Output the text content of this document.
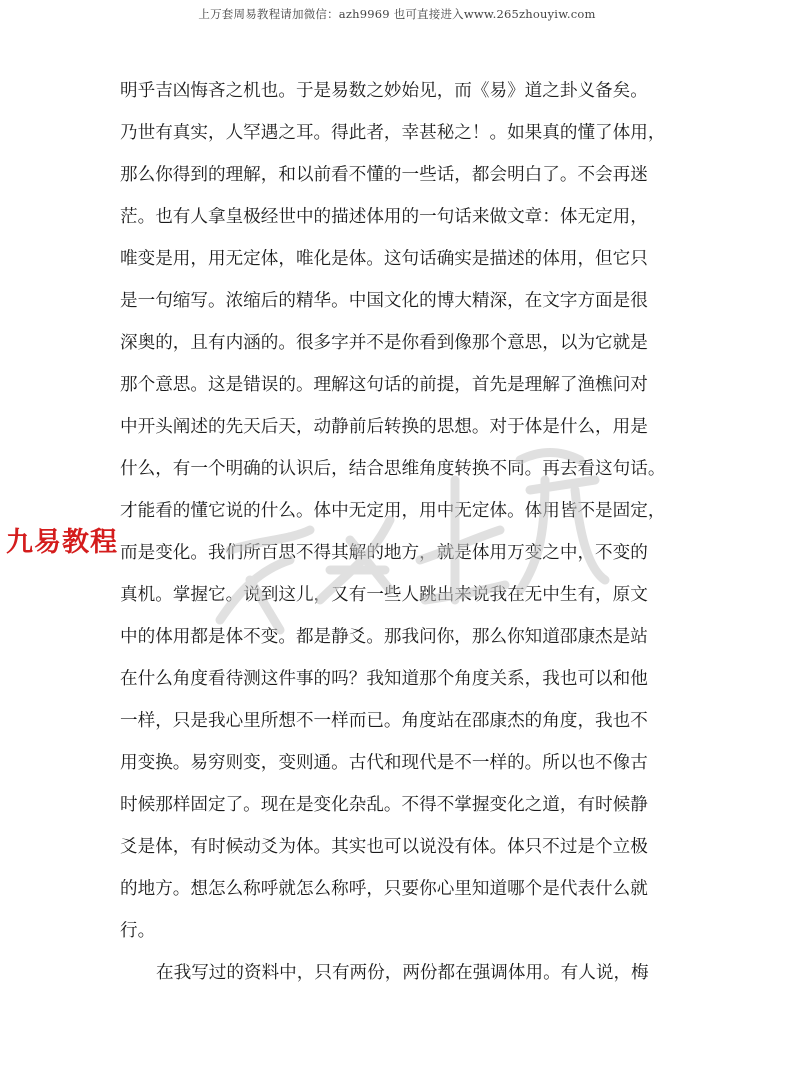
上万套周易教程请加微信：azh9969 也可直接进入www.265zhouyiw.com
明乎吉凶悔吝之机也。于是易数之妙始见，而《易》道之卦义备矣。
乃世有真实，人罕遇之耳。得此者，幸甚秘之！。如果真的懂了体用，
那么你得到的理解，和以前看不懂的一些话，都会明白了。不会再迷
茫。也有人拿皇极经世中的描述体用的一句话来做文章：体无定用，
唯变是用，用无定体，唯化是体。这句话确实是描述的体用，但它只
是一句缩写。浓缩后的精华。中国文化的博大精深，在文字方面是很
深奥的，且有内涵的。很多字并不是你看到像那个意思，以为它就是
那个意思。这是错误的。理解这句话的前提，首先是理解了渔樵问对
中开头阐述的先天后天，动静前后转换的思想。对于体是什么，用是
什么，有一个明确的认识后，结合思维角度转换不同。再去看这句话。
才能看的懂它说的什么。体中无定用，用中无定体。体用皆不是固定，
而是变化。我们所百思不得其解的地方，就是体用万变之中，不变的
真机。掌握它。说到这儿，又有一些人跳出来说我在无中生有，原文
中的体用都是体不变。都是静爻。那我问你，那么你知道邵康杰是站
在什么角度看待测这件事的吗？我知道那个角度关系，我也可以和他
一样，只是我心里所想不一样而已。角度站在邵康杰的角度，我也不
用变换。易穷则变，变则通。古代和现代是不一样的。所以也不像古
时候那样固定了。现在是变化杂乱。不得不掌握变化之道，有时候静
爻是体，有时候动爻为体。其实也可以说没有体。体只不过是个立极
的地方。想怎么称呼就怎么称呼，只要你心里知道哪个是代表什么就
行。
在我写过的资料中，只有两份，两份都在强调体用。有人说，梅
九易教程
